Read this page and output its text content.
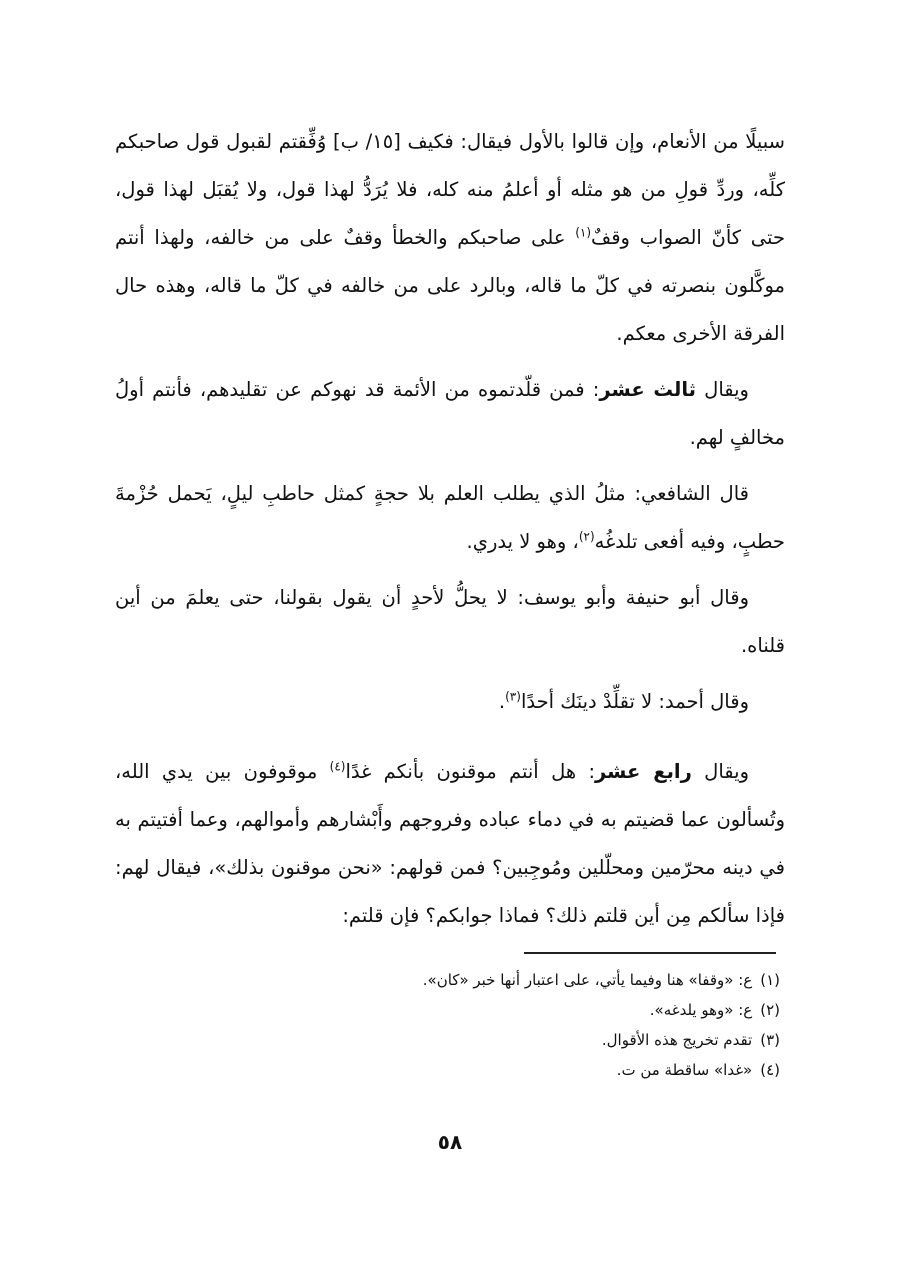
سبيلًا من الأنعام، وإن قالوا بالأول فيقال: فكيف [١٥/ ب] وُفِّقتم لقبول قول صاحبكم كلِّه، وردِّ قولِ من هو مثله أو أعلمُ منه كله، فلا يُرَدُّ لهذا قول، ولا يُقبَل لهذا قول، حتى كأنّ الصواب وقفٌ$^{(١)}$ على صاحبكم والخطأ وقفٌ على من خالفه، ولهذا أنتم موكَّلون بنصرته في كلّ ما قاله، وبالرد على من خالفه في كلّ ما قاله، وهذه حال الفرقة الأخرى معكم.

ويقال ثالث عشر: فمن قلّدتموه من الأئمة قد نهوكم عن تقليدهم، فأنتم أولُ مخالفٍ لهم.

قال الشافعي: مثلُ الذي يطلب العلم بلا حجةٍ كمثل حاطبِ ليلٍ، يَحمل حُزْمةَ حطبٍ، وفيه أفعى تلدغُه$^{(٢)}$، وهو لا يدري.

وقال أبو حنيفة وأبو يوسف: لا يحلُّ لأحدٍ أن يقول بقولنا، حتى يعلمَ من أين قلناه.

وقال أحمد: لا تقلِّدْ دينَك أحدًا$^{(٣)}$.

ويقال رابع عشر: هل أنتم موقنون بأنكم غدًا$^{(٤)}$ موقوفون بين يدي الله، وتُسألون عما قضيتم به في دماء عباده وفروجهم وأَبْشارهم وأموالهم، وعما أفتيتم به في دينه محرّمين ومحلّلين ومُوجِبين؟ فمن قولهم: «نحن موقنون بذلك»، فيقال لهم: فإذا سألكم مِن أين قلتم ذلك؟ فماذا جوابكم؟ فإن قلتم:

(١)ع: «وقفا» هنا وفيما يأتي، على اعتبار أنها خبر «كان».
(٢)ع: «وهو يلدغه».
(٣)تقدم تخريج هذه الأقوال.
(٤)«غدا» ساقطة من ت.
٥٨
